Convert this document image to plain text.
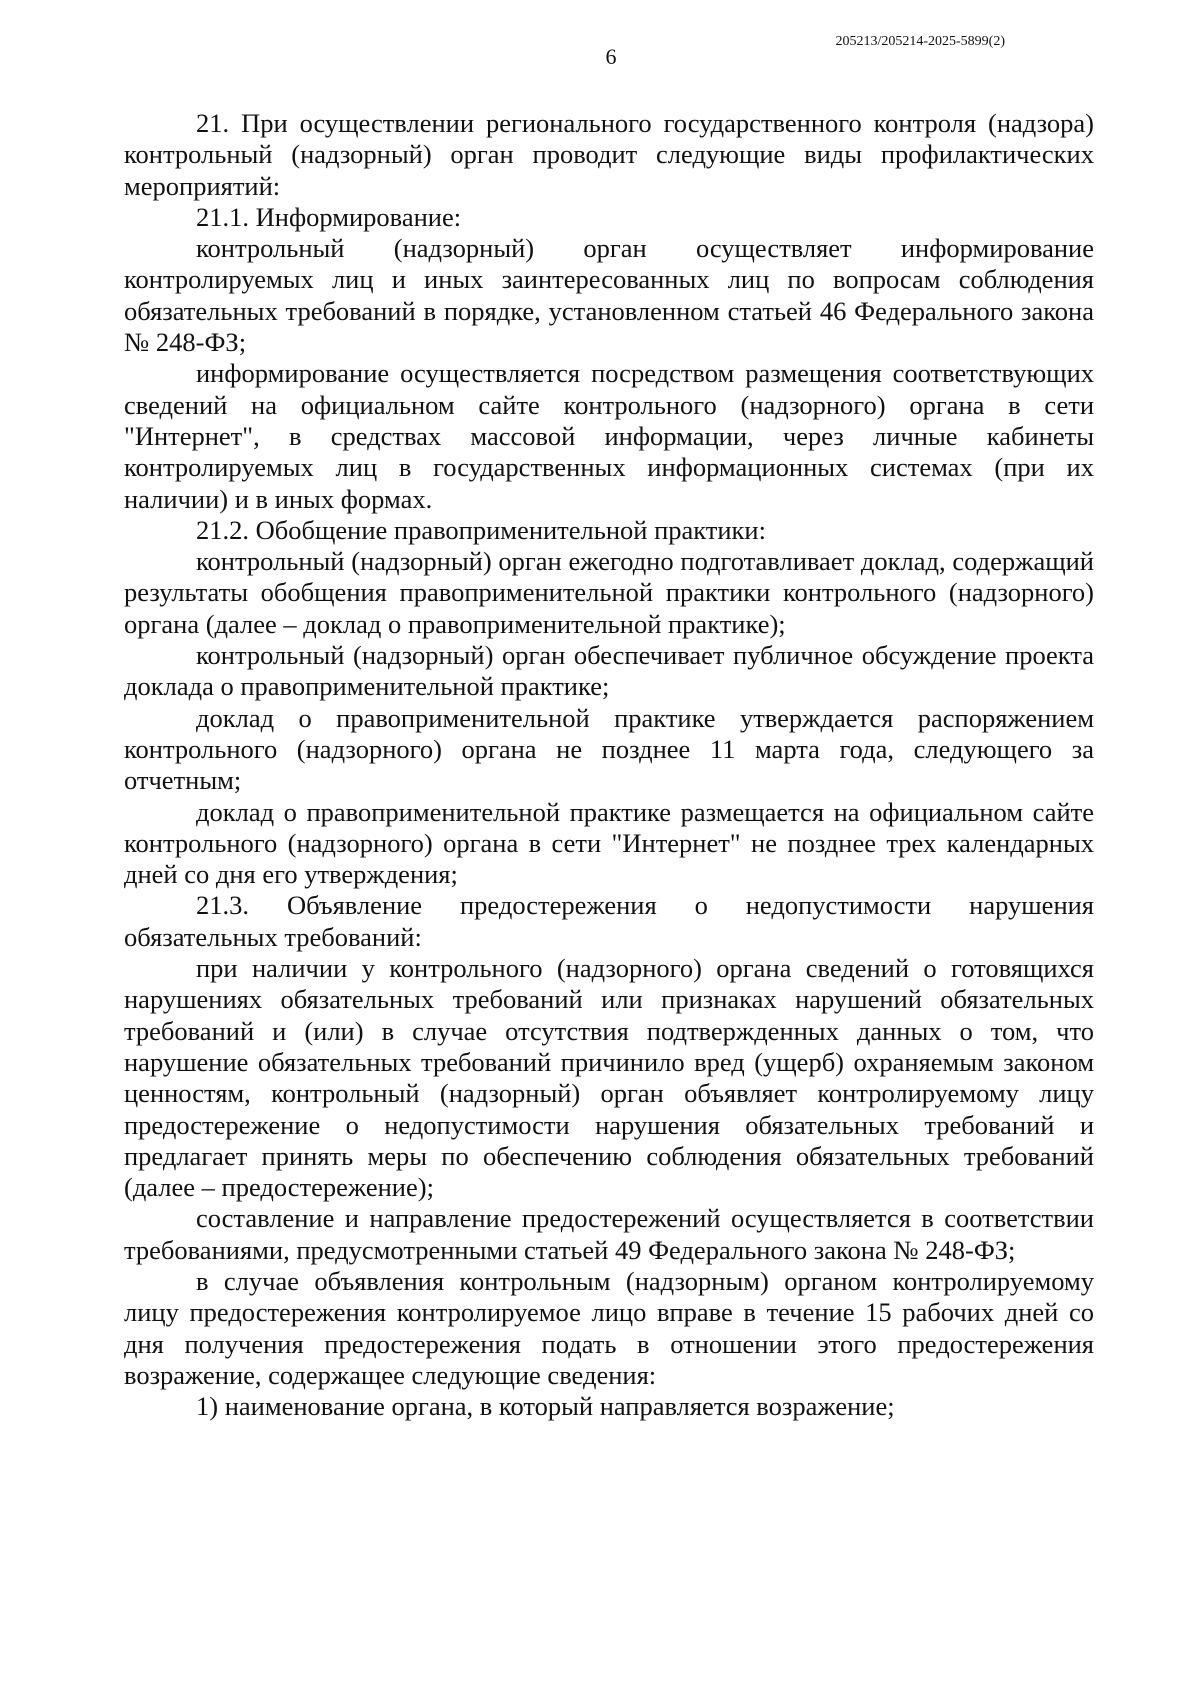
6
205213/205214-2025-5899(2)

21. При осуществлении регионального государственного контроля (надзора) контрольный (надзорный) орган проводит следующие виды профилактических мероприятий:

21.1. Информирование:

контрольный (надзорный) орган осуществляет информирование контролируемых лиц и иных заинтересованных лиц по вопросам соблюдения обязательных требований в порядке, установленном статьей 46 Федерального закона № 248-ФЗ;

информирование осуществляется посредством размещения соответствующих сведений на официальном сайте контрольного (надзорного) органа в сети "Интернет", в средствах массовой информации, через личные кабинеты контролируемых лиц в государственных информационных системах (при их наличии) и в иных формах.

21.2. Обобщение правоприменительной практики:

контрольный (надзорный) орган ежегодно подготавливает доклад, содержащий результаты обобщения правоприменительной практики контрольного (надзорного) органа (далее – доклад о правоприменительной практике);

контрольный (надзорный) орган обеспечивает публичное обсуждение проекта доклада о правоприменительной практике;

доклад о правоприменительной практике утверждается распоряжением контрольного (надзорного) органа не позднее 11 марта года, следующего за отчетным;

доклад о правоприменительной практике размещается на официальном сайте контрольного (надзорного) органа в сети "Интернет" не позднее трех календарных дней со дня его утверждения;

21.3. Объявление предостережения о недопустимости нарушения обязательных требований:

при наличии у контрольного (надзорного) органа сведений о готовящихся нарушениях обязательных требований или признаках нарушений обязательных требований и (или) в случае отсутствия подтвержденных данных о том, что нарушение обязательных требований причинило вред (ущерб) охраняемым законом ценностям, контрольный (надзорный) орган объявляет контролируемому лицу предостережение о недопустимости нарушения обязательных требований и предлагает принять меры по обеспечению соблюдения обязательных требований (далее – предостережение);

составление и направление предостережений осуществляется в соответствии требованиями, предусмотренными статьей 49 Федерального закона № 248-ФЗ;

в случае объявления контрольным (надзорным) органом контролируемому лицу предостережения контролируемое лицо вправе в течение 15 рабочих дней со дня получения предостережения подать в отношении этого предостережения возражение, содержащее следующие сведения:

1) наименование органа, в который направляется возражение;
